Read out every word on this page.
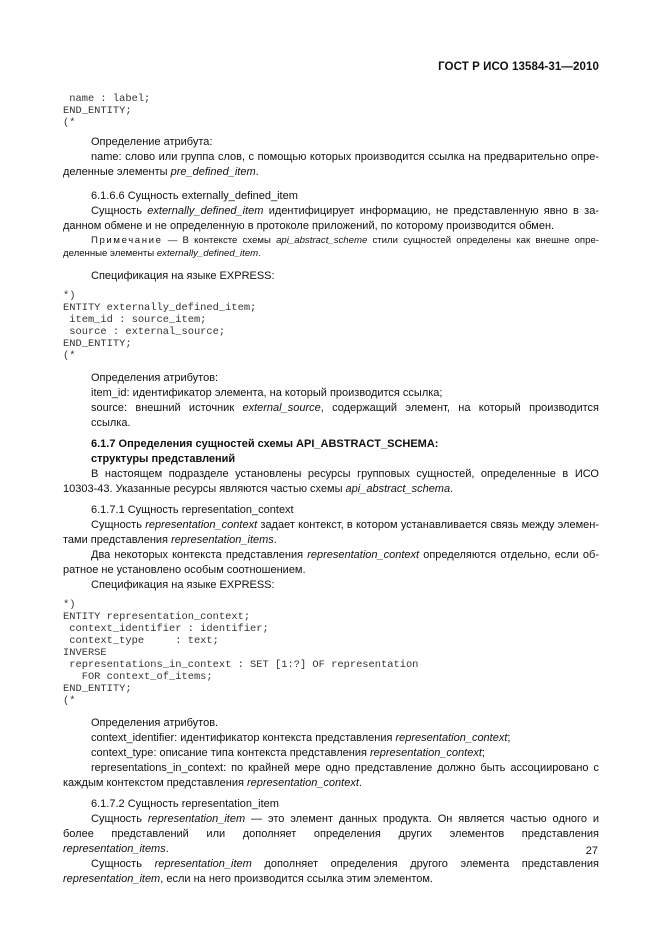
ГОСТ Р ИСО 13584-31—2010
name : label;
END_ENTITY;
(*

Определение атрибута:

name: слово или группа слов, с помощью которых производится ссылка на предварительно опре-деленные элементы pre_defined_item.

6.1.6.6 Сущность externally_defined_item

Сущность externally_defined_item идентифицирует информацию, не представленную явно в за-данном обмене и не определенную в протоколе приложений, по которому производится обмен.

Примечание — В контексте схемы api_abstract_scheme стили сущностей определены как внешне опре-деленные элементы externally_defined_item.

Спецификация на языке EXPRESS:

*)
ENTITY externally_defined_item;
item_id : source_item;
source : external_source;
END_ENTITY;
(*

Определения атрибутов:

item_id: идентификатор элемента, на который производится ссылка;

source: внешний источник external_source, содержащий элемент, на который производится ссылка.

6.1.7 Определения сущностей схемы API_ABSTRACT_SCHEMA:

структуры представлений

В настоящем подразделе установлены ресурсы групповых сущностей, определенные в ИСО 10303-43. Указанные ресурсы являются частью схемы api_abstract_schema.

6.1.7.1 Сущность representation_context

Сущность representation_context задает контекст, в котором устанавливается связь между элемен-тами представления representation_items.

Два некоторых контекста представления representation_context определяются отдельно, если об-ратное не установлено особым соотношением.

Спецификация на языке EXPRESS:

*)
ENTITY representation_context;
context_identifier : identifier;
context_type     : text;
INVERSE
representations_in_context : SET [1:?] OF representation
FOR context_of_items;
END_ENTITY;
(*

Определения атрибутов.

context_identifier: идентификатор контекста представления representation_context;

context_type: описание типа контекста представления representation_context;

representations_in_context: по крайней мере одно представление должно быть ассоциировано с каждым контекстом представления representation_context.

6.1.7.2 Сущность representation_item

Сущность representation_item — это элемент данных продукта. Он является частью одного и более представлений или дополняет определения других элементов представления representation_items.

Сущность representation_item дополняет определения другого элемента представления representation_item, если на него производится ссылка этим элементом.

27
